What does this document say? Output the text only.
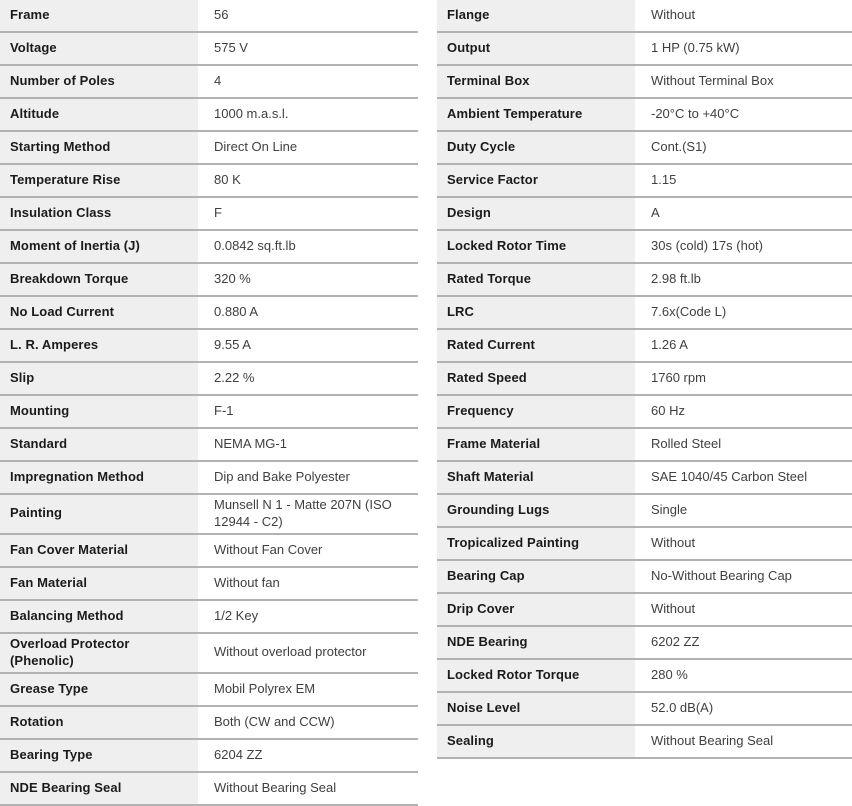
Frame	56
Voltage	575 V
Number of Poles	4
Altitude	1000 m.a.s.l.
Starting Method	Direct On Line
Temperature Rise	80 K
Insulation Class	F
Moment of Inertia (J)	0.0842 sq.ft.lb
Breakdown Torque	320 %
No Load Current	0.880 A
L. R. Amperes	9.55 A
Slip	2.22 %
Mounting	F-1
Standard	NEMA MG-1
Impregnation Method	Dip and Bake Polyester
Painting	Munsell N 1 - Matte 207N (ISO 12944 - C2)
Fan Cover Material	Without Fan Cover
Fan Material	Without fan
Balancing Method	1/2 Key
Overload Protector (Phenolic)	Without overload protector
Grease Type	Mobil Polyrex EM
Rotation	Both (CW and CCW)
Bearing Type	6204 ZZ
NDE Bearing Seal	Without Bearing Seal
Flange	Without
Output	1 HP (0.75 kW)
Terminal Box	Without Terminal Box
Ambient Temperature	-20°C to +40°C
Duty Cycle	Cont.(S1)
Service Factor	1.15
Design	A
Locked Rotor Time	30s (cold) 17s (hot)
Rated Torque	2.98 ft.lb
LRC	7.6x(Code L)
Rated Current	1.26 A
Rated Speed	1760 rpm
Frequency	60 Hz
Frame Material	Rolled Steel
Shaft Material	SAE 1040/45 Carbon Steel
Grounding Lugs	Single
Tropicalized Painting	Without
Bearing Cap	No-Without Bearing Cap
Drip Cover	Without
NDE Bearing	6202 ZZ
Locked Rotor Torque	280 %
Noise Level	52.0 dB(A)
Sealing	Without Bearing Seal
